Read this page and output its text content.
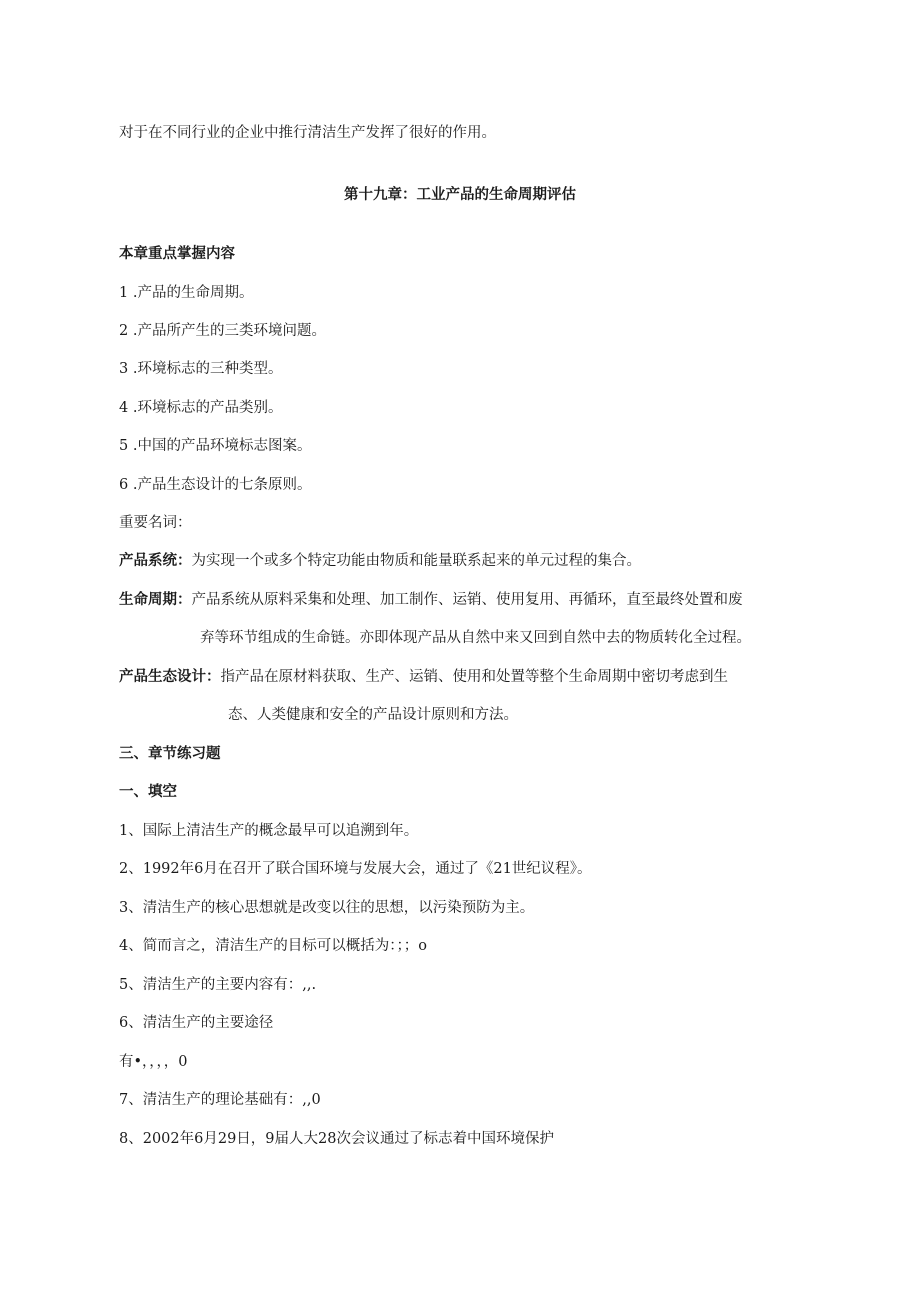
对于在不同行业的企业中推行清洁生产发挥了很好的作用。
第十九章：工业产品的生命周期评估
本章重点掌握内容
1 .产品的生命周期。
2 .产品所产生的三类环境问题。
3 .环境标志的三种类型。
4 .环境标志的产品类别。
5 .中国的产品环境标志图案。
6 .产品生态设计的七条原则。
重要名词：
产品系统：为实现一个或多个特定功能由物质和能量联系起来的单元过程的集合。
生命周期：产品系统从原料采集和处理、加工制作、运销、使用复用、再循环，直至最终处置和废
弃等环节组成的生命链。亦即体现产品从自然中来又回到自然中去的物质转化全过程。
产品生态设计：指产品在原材料获取、生产、运销、使用和处置等整个生命周期中密切考虑到生
态、人类健康和安全的产品设计原则和方法。
三、章节练习题
一、填空
1、国际上清洁生产的概念最早可以追溯到年。
2、1992年6月在召开了联合国环境与发展大会，通过了《21世纪议程》。
3、清洁生产的核心思想就是改变以往的思想，以污染预防为主。
4、简而言之，清洁生产的目标可以概括为：；；o
5、清洁生产的主要内容有：,,.
6、清洁生产的主要途径
有•，，，，0
7、清洁生产的理论基础有：,,0
8、2002年6月29日，9届人大28次会议通过了标志着中国环境保护
